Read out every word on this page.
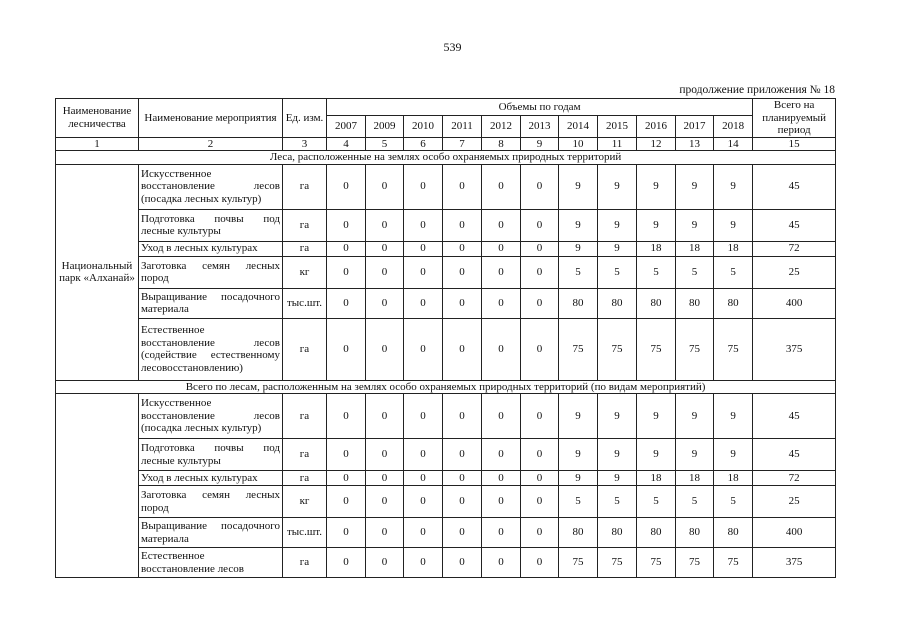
539
продолжение приложения № 18
Наименование лесничества	Наименование мероприятия	Ед. изм.	Объемы по годам											Всего на планируемый период
			2007	2009	2010	2011	2012	2013	2014	2015	2016	2017	2018	
1	2	3	4	5	6	7	8	9	10	11	12	13	14	15
Леса, расположенные на землях особо охраняемых природных территорий														
Национальный парк «Алханай»	Искусственное восстановление лесов (посадка лесных культур)	га	0	0	0	0	0	0	9	9	9	9	9	45
	Подготовка почвы под лесные культуры	га	0	0	0	0	0	0	9	9	9	9	9	45
	Уход в лесных культурах	га	0	0	0	0	0	0	9	9	18	18	18	72
	Заготовка семян лесных пород	кг	0	0	0	0	0	0	5	5	5	5	5	25
	Выращивание посадочного материала	тыс.шт.	0	0	0	0	0	0	80	80	80	80	80	400
	Естественное восстановление лесов (содействие естественному лесовосстановлению)	га	0	0	0	0	0	0	75	75	75	75	75	375
Всего по лесам, расположенным на землях особо охраняемых природных территорий (по видам мероприятий)														
	Искусственное восстановление лесов (посадка лесных культур)	га	0	0	0	0	0	0	9	9	9	9	9	45
	Подготовка почвы под лесные культуры	га	0	0	0	0	0	0	9	9	9	9	9	45
	Уход в лесных культурах	га	0	0	0	0	0	0	9	9	18	18	18	72
	Заготовка семян лесных пород	кг	0	0	0	0	0	0	5	5	5	5	5	25
	Выращивание посадочного материала	тыс.шт.	0	0	0	0	0	0	80	80	80	80	80	400
	Естественное восстановление лесов	га	0	0	0	0	0	0	75	75	75	75	75	375
